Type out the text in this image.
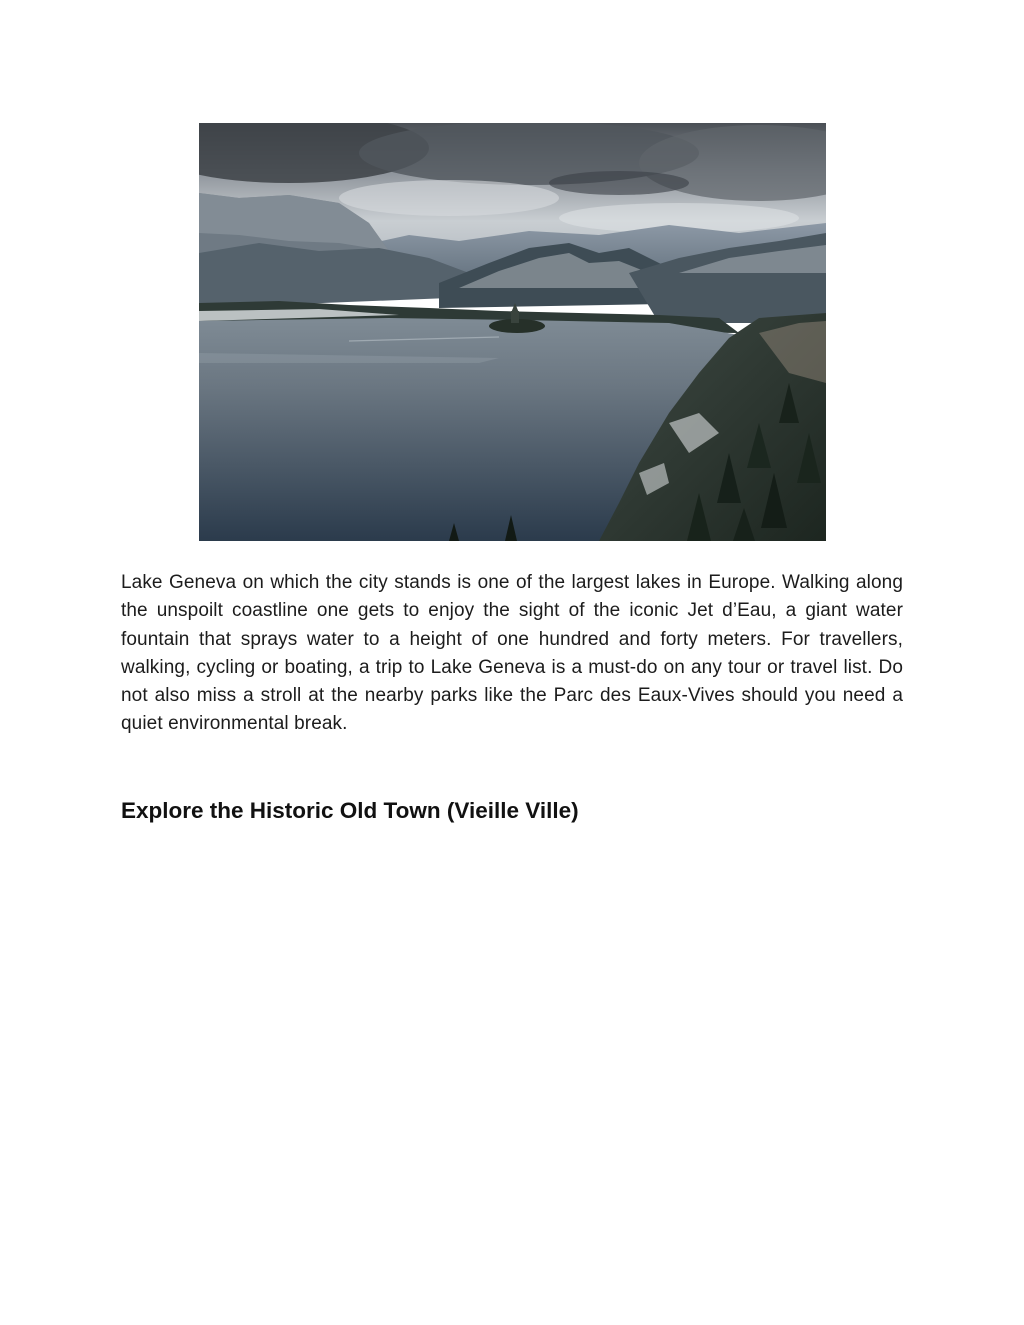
Lake Geneva on which the city stands is one of the largest lakes in Europe. Walking along the unspoilt coastline one gets to enjoy the sight of the iconic Jet d’Eau, a giant water fountain that sprays water to a height of one hundred and forty meters. For travellers, walking, cycling or boating, a trip to Lake Geneva is a must-do on any tour or travel list. Do not also miss a stroll at the nearby parks like the Parc des Eaux-Vives should you need a quiet environmental break.

Explore the Historic Old Town (Vieille Ville)
